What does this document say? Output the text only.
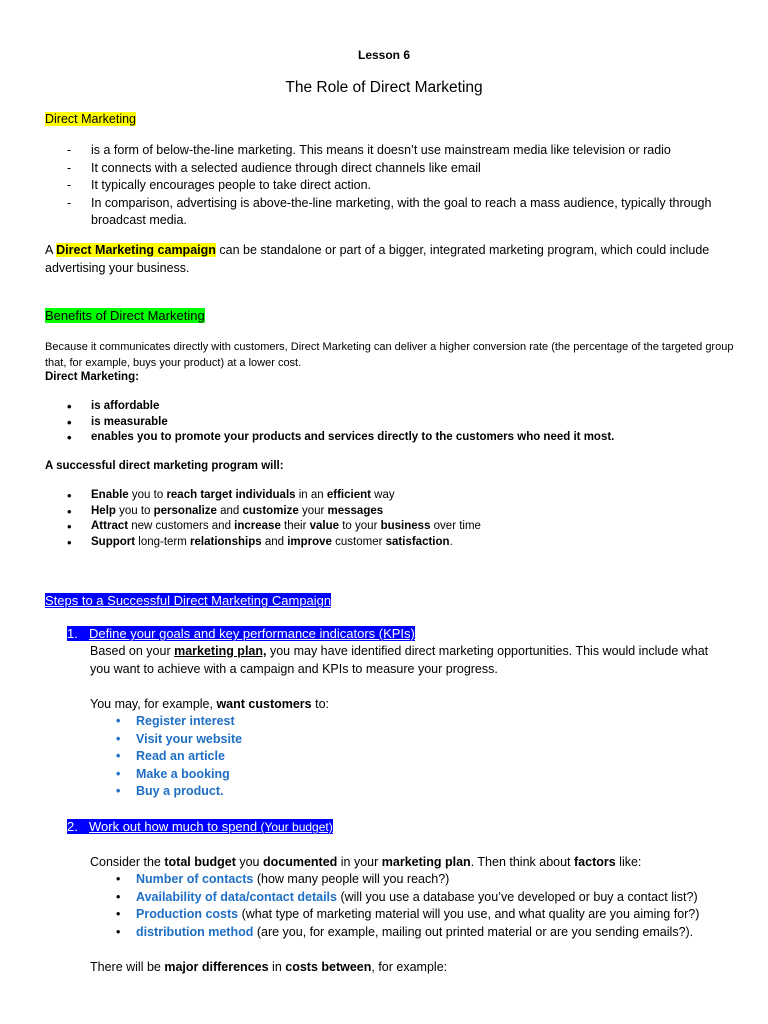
Lesson 6
The Role of Direct Marketing
Direct Marketing
- is a form of below-the-line marketing. This means it doesn’t use mainstream media like television or radio
- It connects with a selected audience through direct channels like email
- It typically encourages people to take direct action.
- In comparison, advertising is above-the-line marketing, with the goal to reach a mass audience, typically through broadcast media.
A Direct Marketing campaign can be standalone or part of a bigger, integrated marketing program, which could include advertising your business.
Benefits of Direct Marketing
Because it communicates directly with customers, Direct Marketing can deliver a higher conversion rate (the percentage of the targeted group that, for example, buys your product) at a lower cost.
Direct Marketing:
• is affordable
• is measurable
• enables you to promote your products and services directly to the customers who need it most.
A successful direct marketing program will:
• Enable you to reach target individuals in an efficient way
• Help you to personalize and customize your messages
• Attract new customers and increase their value to your business over time
• Support long-term relationships and improve customer satisfaction.
Steps to a Successful Direct Marketing Campaign
1. Define your goals and key performance indicators (KPIs)
Based on your marketing plan, you may have identified direct marketing opportunities. This would include what you want to achieve with a campaign and KPIs to measure your progress.
You may, for example, want customers to:
• Register interest
• Visit your website
• Read an article
• Make a booking
• Buy a product.
2. Work out how much to spend (Your budget)
Consider the total budget you documented in your marketing plan. Then think about factors like:
• Number of contacts (how many people will you reach?)
• Availability of data/contact details (will you use a database you’ve developed or buy a contact list?)
• Production costs (what type of marketing material will you use, and what quality are you aiming for?)
• distribution method (are you, for example, mailing out printed material or are you sending emails?).
There will be major differences in costs between, for example:
